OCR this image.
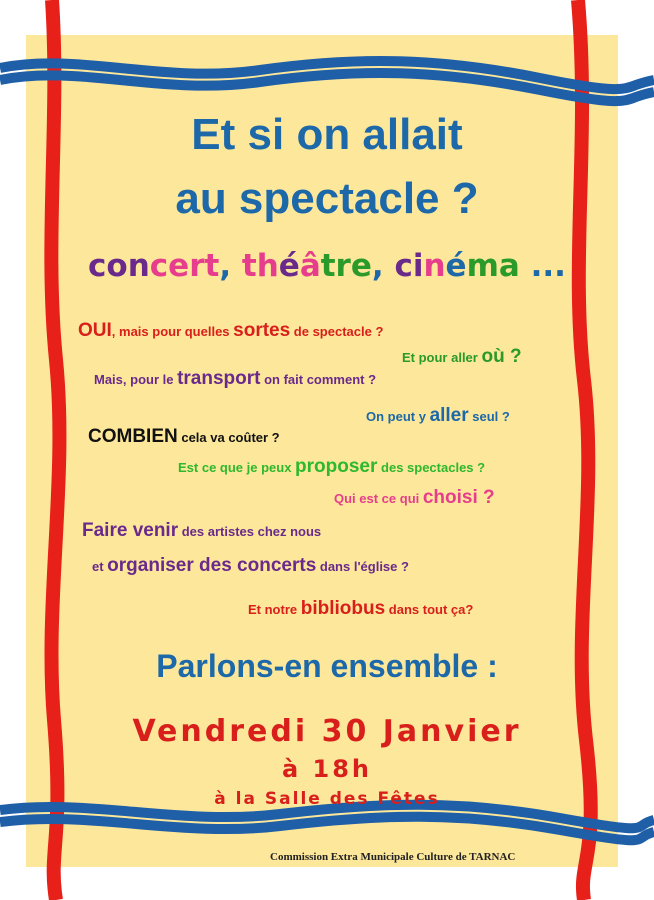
Et si on allait
au spectacle ?
concert, théâtre, cinéma ...
OUI, mais pour quelles sortes de spectacle ?
Et pour aller où ?
Mais, pour le transport on fait comment ?
On peut y aller seul ?
COMBIEN cela va coûter ?
Est ce que je peux proposer des spectacles ?
Qui est ce qui choisi ?
Faire venir des artistes chez nous
et organiser des concerts dans l'église ?
Et notre bibliobus dans tout ça?
Parlons-en ensemble :
Vendredi 30 Janvier
à 18h
à la Salle des Fêtes
Commission Extra Municipale Culture de TARNAC
